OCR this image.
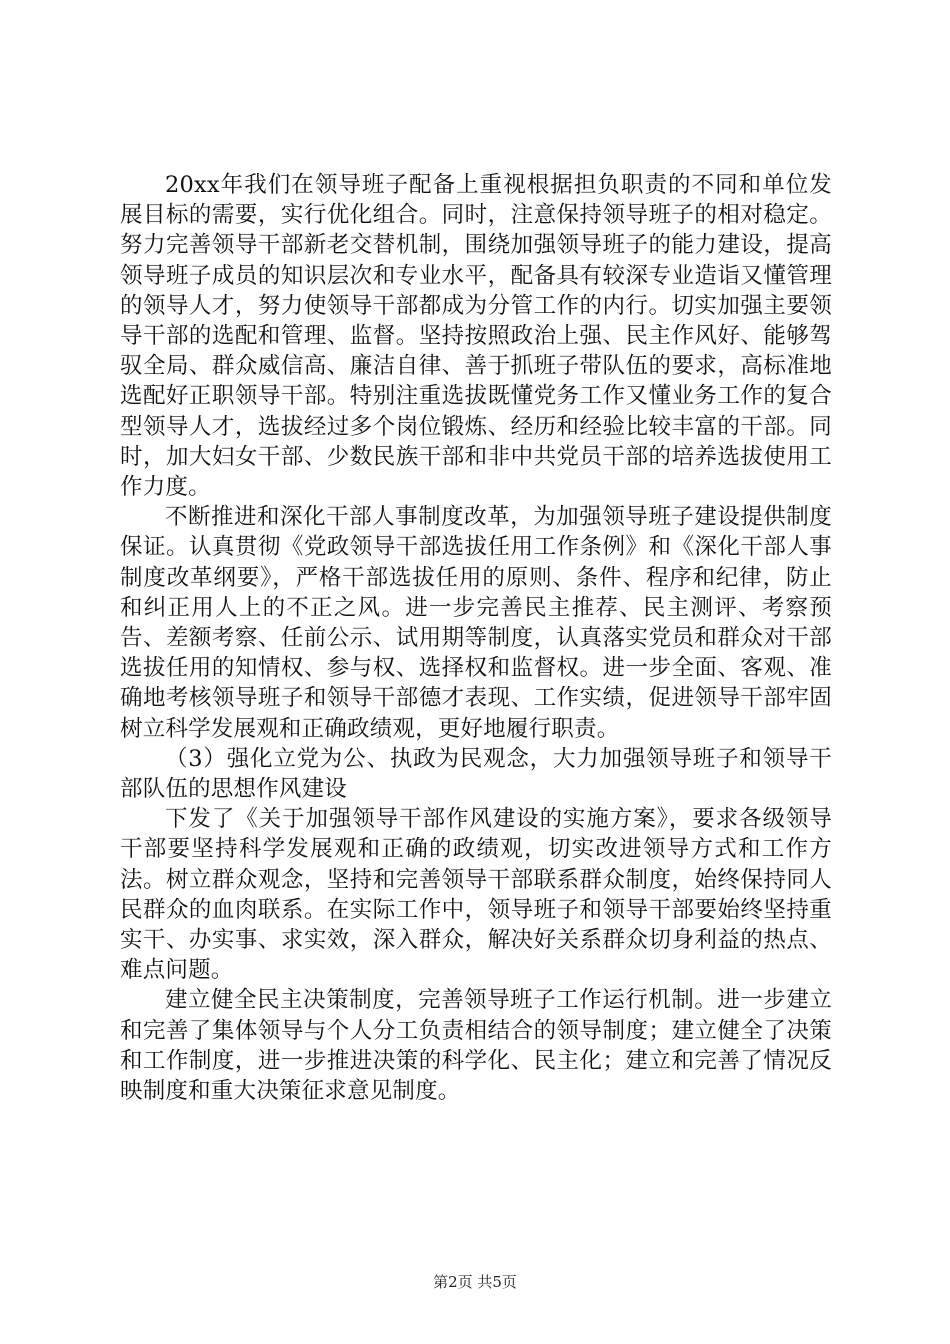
20xx年我们在领导班子配备上重视根据担负职责的不同和单位发展目标的需要，实行优化组合。同时，注意保持领导班子的相对稳定。努力完善领导干部新老交替机制，围绕加强领导班子的能力建设，提高领导班子成员的知识层次和专业水平，配备具有较深专业造诣又懂管理的领导人才，努力使领导干部都成为分管工作的内行。切实加强主要领导干部的选配和管理、监督。坚持按照政治上强、民主作风好、能够驾驭全局、群众威信高、廉洁自律、善于抓班子带队伍的要求，高标准地选配好正职领导干部。特别注重选拔既懂党务工作又懂业务工作的复合型领导人才，选拔经过多个岗位锻炼、经历和经验比较丰富的干部。同时，加大妇女干部、少数民族干部和非中共党员干部的培养选拔使用工作力度。

不断推进和深化干部人事制度改革，为加强领导班子建设提供制度保证。认真贯彻《党政领导干部选拔任用工作条例》和《深化干部人事制度改革纲要》，严格干部选拔任用的原则、条件、程序和纪律，防止和纠正用人上的不正之风。进一步完善民主推荐、民主测评、考察预告、差额考察、任前公示、试用期等制度，认真落实党员和群众对干部选拔任用的知情权、参与权、选择权和监督权。进一步全面、客观、准确地考核领导班子和领导干部德才表现、工作实绩，促进领导干部牢固树立科学发展观和正确政绩观，更好地履行职责。

（3）强化立党为公、执政为民观念，大力加强领导班子和领导干部队伍的思想作风建设

下发了《关于加强领导干部作风建设的实施方案》，要求各级领导干部要坚持科学发展观和正确的政绩观，切实改进领导方式和工作方法。树立群众观念，坚持和完善领导干部联系群众制度，始终保持同人民群众的血肉联系。在实际工作中，领导班子和领导干部要始终坚持重实干、办实事、求实效，深入群众，解决好关系群众切身利益的热点、难点问题。

建立健全民主决策制度，完善领导班子工作运行机制。进一步建立和完善了集体领导与个人分工负责相结合的领导制度；建立健全了决策和工作制度，进一步推进决策的科学化、民主化；建立和完善了情况反映制度和重大决策征求意见制度。

第2页 共5页
